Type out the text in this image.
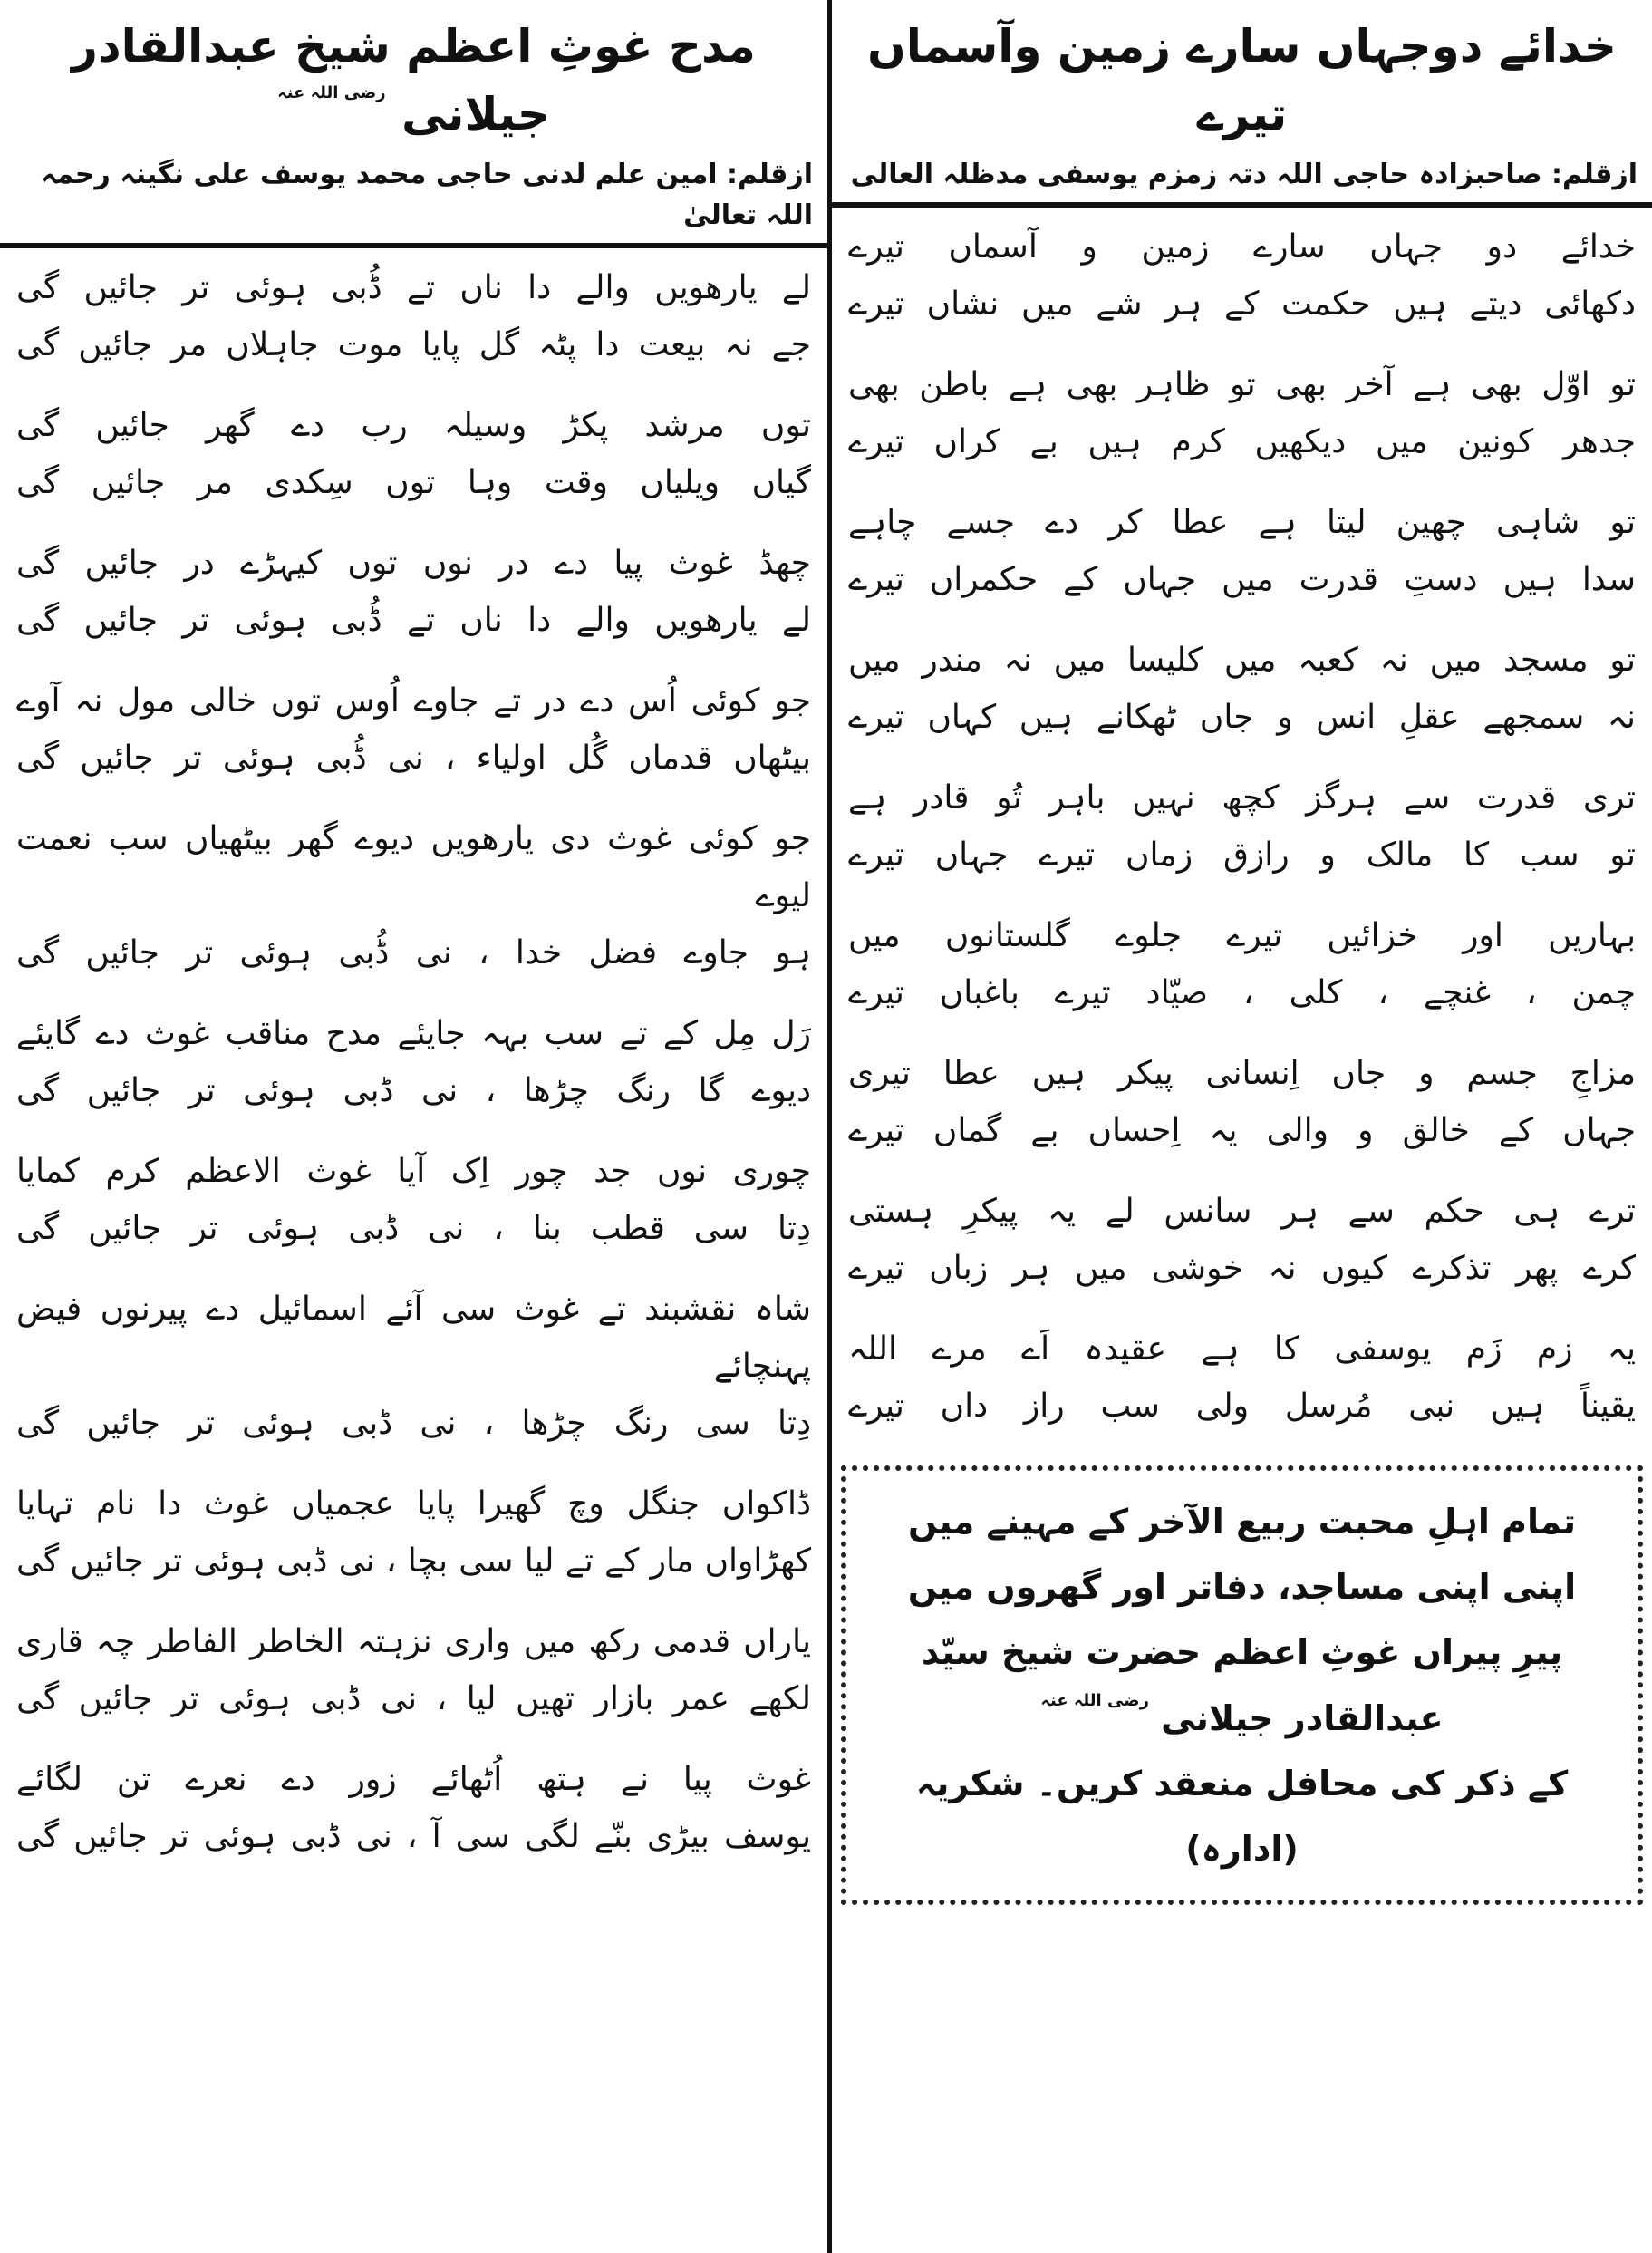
خدائے دوجہاں سارے زمین وآسماں تیرے
ازقلم: صاحبزادہ حاجی اللہ دتہ زمزم یوسفی مدظلہ العالی
خدائے دو جہاں سارے زمین و آسماں تیرے
دکھائی دیتے ہیں حکمت کے ہر شے میں نشاں تیرے
تو اوّل بھی ہے آخر بھی تو ظاہر بھی ہے باطن بھی
جدھر کونین میں دیکھیں کرم ہیں بے کراں تیرے
تو شاہی چھین لیتا ہے عطا کر دے جسے چاہے
سدا ہیں دستِ قدرت میں جہاں کے حکمراں تیرے
تو مسجد میں نہ کعبہ میں کلیسا میں نہ مندر میں
نہ سمجھے عقلِ انس و جاں ٹھکانے ہیں کہاں تیرے
تری قدرت سے ہرگز کچھ نہیں باہر تُو قادر ہے
تو سب کا مالک و رازق زماں تیرے جہاں تیرے
بہاریں اور خزائیں تیرے جلوے گلستانوں میں
چمن ، غنچے ، کلی ، صیّاد تیرے باغباں تیرے
مزاجِ جسم و جاں اِنسانی پیکر ہیں عطا تیری
جہاں کے خالق و والی یہ اِحساں بے گماں تیرے
ترے ہی حکم سے ہر سانس لے یہ پیکرِ ہستی
کرے پھر تذکرے کیوں نہ خوشی میں ہر زباں تیرے
یہ زم زَم یوسفی کا ہے عقیدہ اَے مرے اللہ
یقیناً ہیں نبی مُرسل ولی سب راز داں تیرے
تمام اہلِ محبت ربیع الآخر کے مہینے میں
اپنی اپنی مساجد، دفاتر اور گھروں میں
پیرِ پیراں غوثِ اعظم حضرت شیخ سیّد عبدالقادر جیلانی $^{رضی اللہ عنہ}$
کے ذکر کی محافل منعقد کریں۔ شکریہ (ادارہ)
مدح غوثِ اعظم شیخ عبدالقادر جیلانی $^{رضی اللہ عنہ}$
ازقلم: امین علم لدنی حاجی محمد یوسف علی نگینہ رحمہ اللہ تعالیٰ
لے یارھویں والے دا ناں تے ڈُبی ہوئی تر جائیں گی
جے نہ بیعت دا پٹہ گل پایا موت جاہلاں مر جائیں گی
توں مرشد پکڑ وسیلہ رب دے گھر جائیں گی
گیاں ویلیاں وقت وہا توں سِکدی مر جائیں گی
چھڈ غوث پیا دے در نوں توں کیہڑے در جائیں گی
لے یارھویں والے دا ناں تے ڈُبی ہوئی تر جائیں گی
جو کوئی اُس دے در تے جاوے اُوس توں خالی مول نہ آوے
بیٹھاں قدماں گُل اولیاء ، نی ڈُبی ہوئی تر جائیں گی
جو کوئی غوث دی یارھویں دیوے گھر بیٹھیاں سب نعمت لیوے
ہو جاوے فضل خدا ، نی ڈُبی ہوئی تر جائیں گی
رَل مِل کے تے سب بہہ جایئے مدح مناقب غوث دے گایئے
دیوے گا رنگ چڑھا ، نی ڈبی ہوئی تر جائیں گی
چوری نوں جد چور اِک آیا غوث الاعظم کرم کمایا
دِتا سی قطب بنا ، نی ڈبی ہوئی تر جائیں گی
شاہ نقشبند تے غوث سی آئے اسمائیل دے پیرنوں فیض پہنچائے
دِتا سی رنگ چڑھا ، نی ڈبی ہوئی تر جائیں گی
ڈاکواں جنگل وچ گھیرا پایا عجمیاں غوث دا نام تہایا
کھڑاواں مار کے تے لیا سی بچا ، نی ڈبی ہوئی تر جائیں گی
یاراں قدمی رکھ میں واری نزہتہ الخاطر الفاطر چہ قاری
لکھے عمر بازار تھیں لیا ، نی ڈبی ہوئی تر جائیں گی
غوث پیا نے ہتھ اُٹھائے زور دے نعرے تن لگائے
یوسف بیڑی بنّے لگی سی آ ، نی ڈبی ہوئی تر جائیں گی
